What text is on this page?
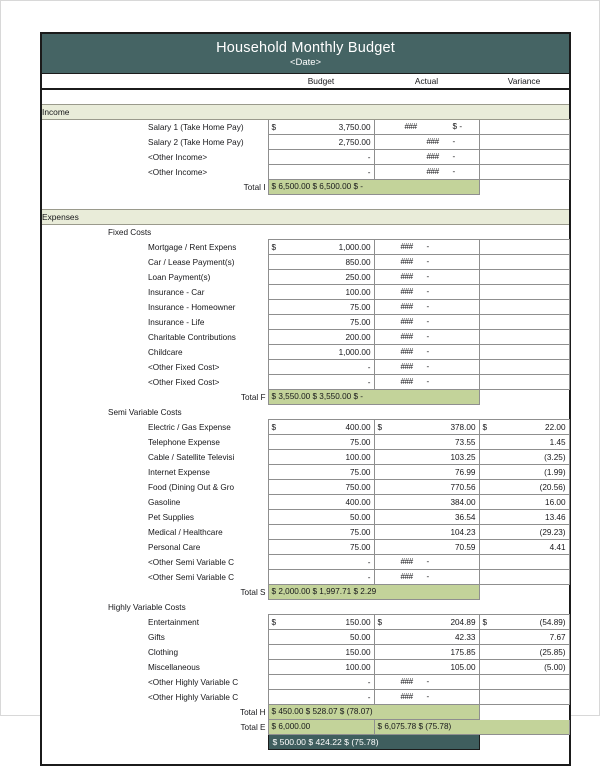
Household Monthly Budget
<Date>					

			Budget	Actual	Variance

Income					
		Salary 1 (Take Home Pay)	$ 3,750.00	### $ -	

		Salary 2 (Take Home Pay)	2,750.00	### -	

		<Other Income>	-	### -	

		<Other Income>	-	### -	

		Total I	$ 6,500.00 $ 6,500.00 $ -		

Expenses					
	Fixed Costs				
		Mortgage / Rent Expens	$ 1,000.00	### -	

		Car / Lease Payment(s)	850.00	### -	

		Loan Payment(s)	250.00	### -	

		Insurance - Car	100.00	### -	

		Insurance - Homeowner	75.00	### -	

		Insurance - Life	75.00	### -	

		Charitable Contributions	200.00	### -	

		Childcare	1,000.00	### -	

		<Other Fixed Cost>	-	### -	

		<Other Fixed Cost>	-	### -	

		Total F	$ 3,550.00 $ 3,550.00 $ -		

	Semi Variable Costs				
		Electric / Gas Expense	$ 400.00	$ 378.00	$ 22.00

		Telephone Expense	75.00	73.55	1.45

		Cable / Satellite Televisi	100.00	103.25	(3.25)

		Internet Expense	75.00	76.99	(1.99)

		Food (Dining Out & Gro	750.00	770.56	(20.56)

		Gasoline	400.00	384.00	16.00

		Pet Supplies	50.00	36.54	13.46

		Medical / Healthcare	75.00	104.23	(29.23)

		Personal Care	75.00	70.59	4.41

		<Other Semi Variable C	-	### -	

		<Other Semi Variable C	-	### -	

		Total S	$ 2,000.00 $ 1,997.71 $ 2.29		

	Highly Variable Costs				
		Entertainment	$ 150.00	$ 204.89	$ (54.89)

		Gifts	50.00	42.33	7.67

		Clothing	150.00	175.85	(25.85)

		Miscellaneous	100.00	105.00	(5.00)

		<Other Highly Variable C	-	### -	

		<Other Highly Variable C	-	### -	

		Total H	$ 450.00 $ 528.07 $ (78.07)		

		Total E	$ 6,000.00	$ 6,075.78 $ (75.78)	

			$ 500.00 $ 424.22 $ (75.78)		
